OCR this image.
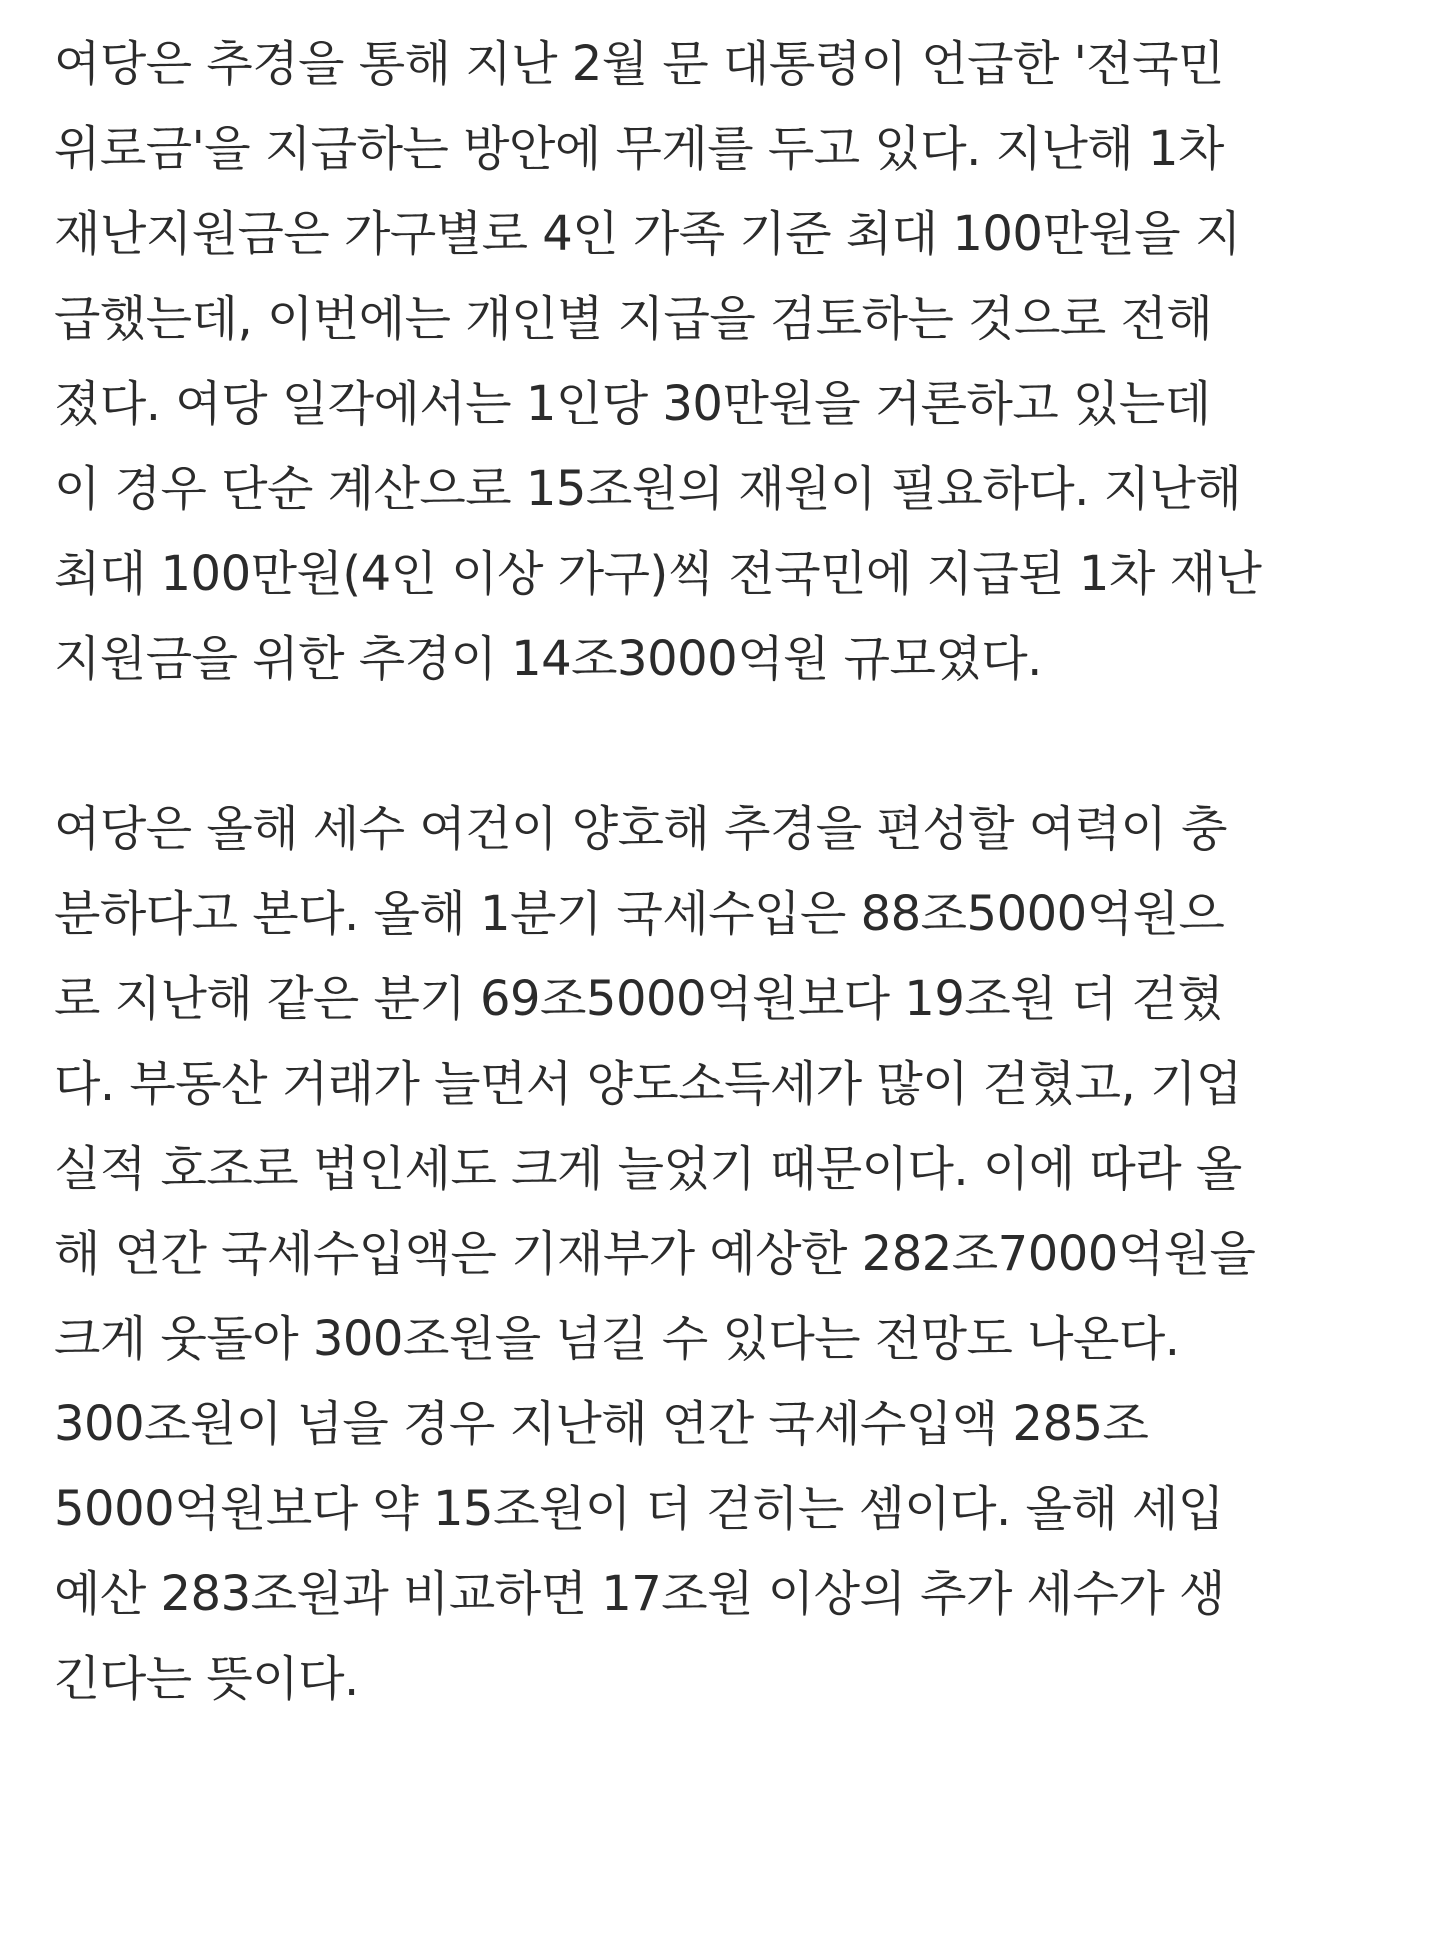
여당은 추경을 통해 지난 2월 문 대통령이 언급한 '전국민
위로금'을 지급하는 방안에 무게를 두고 있다. 지난해 1차
재난지원금은 가구별로 4인 가족 기준 최대 100만원을 지
급했는데, 이번에는 개인별 지급을 검토하는 것으로 전해
졌다. 여당 일각에서는 1인당 30만원을 거론하고 있는데
이 경우 단순 계산으로 15조원의 재원이 필요하다. 지난해
최대 100만원(4인 이상 가구)씩 전국민에 지급된 1차 재난
지원금을 위한 추경이 14조3000억원 규모였다.

여당은 올해 세수 여건이 양호해 추경을 편성할 여력이 충
분하다고 본다. 올해 1분기 국세수입은 88조5000억원으
로 지난해 같은 분기 69조5000억원보다 19조원 더 걷혔
다. 부동산 거래가 늘면서 양도소득세가 많이 걷혔고, 기업
실적 호조로 법인세도 크게 늘었기 때문이다. 이에 따라 올
해 연간 국세수입액은 기재부가 예상한 282조7000억원을
크게 웃돌아 300조원을 넘길 수 있다는 전망도 나온다.
300조원이 넘을 경우 지난해 연간 국세수입액 285조
5000억원보다 약 15조원이 더 걷히는 셈이다. 올해 세입
예산 283조원과 비교하면 17조원 이상의 추가 세수가 생
긴다는 뜻이다.
